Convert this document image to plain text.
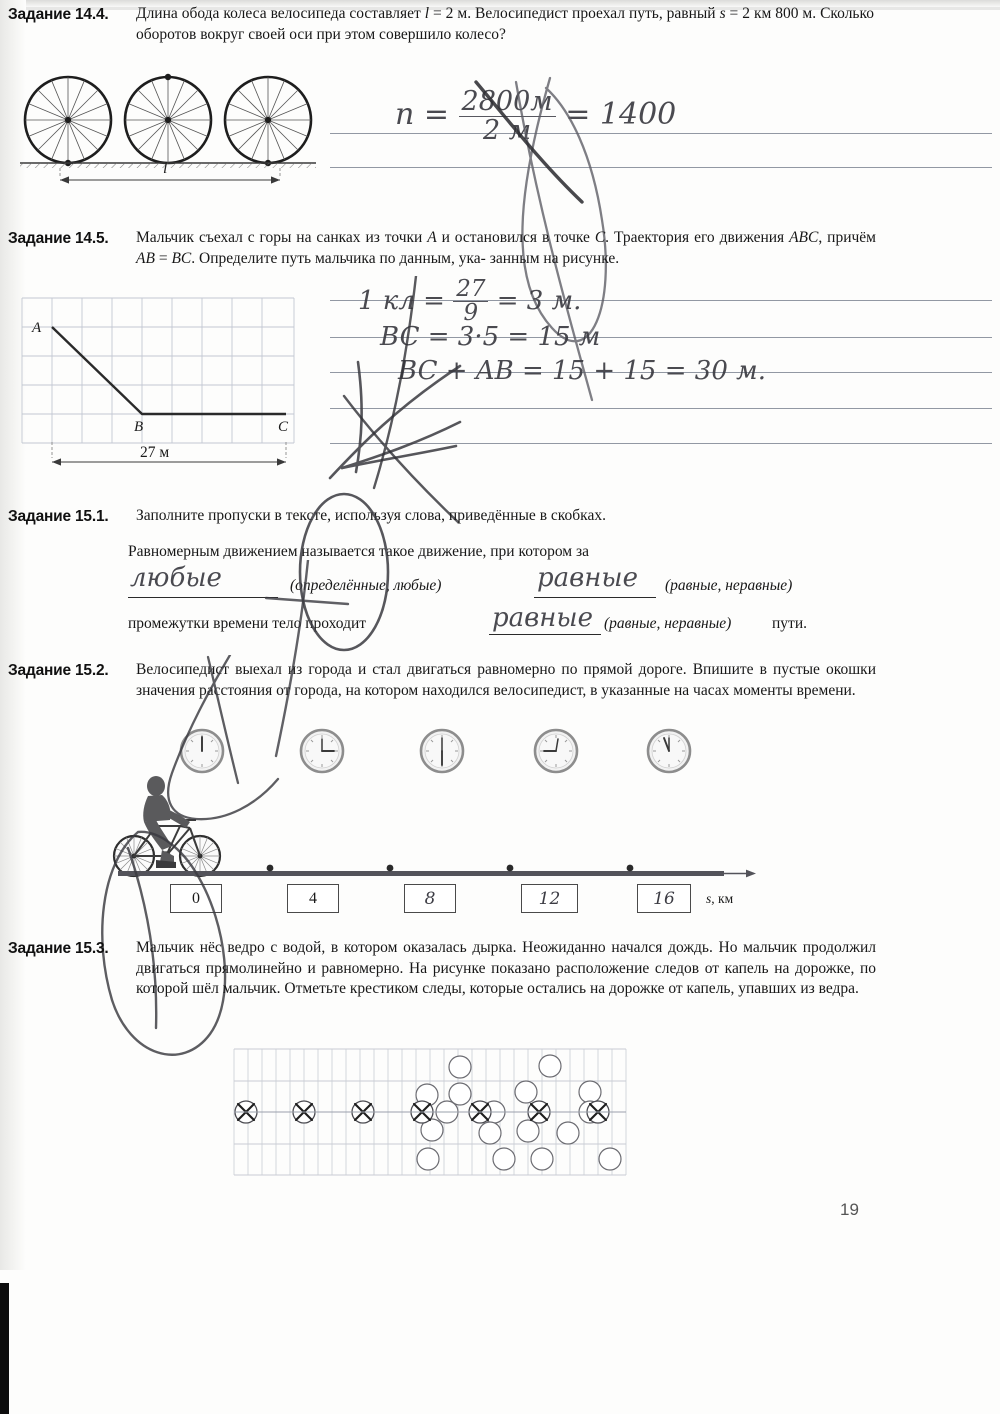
Задание 14.4. Длина обода колеса велосипеда составляет l = 2 м. Велосипедист проехал путь, равный s = 2 км 800 м. Сколько оборотов вокруг своей оси при этом совершило колесо?
l
$n = \frac{2800м}{2 м} = 1400$
Задание 14.5. Мальчик съехал с горы на санках из точки A и остановился в точке C. Траектория его движения ABC, причём AB = BC. Определите путь мальчика по данным, ука‑ занным на рисунке.
A
B	C
27 м
1 кл = $\frac{27}{9} = 3$ м.
BC = 3·5 = 15 м
BC + AB = 15 + 15 = 30 м.
Задание 15.1. Заполните пропуски в тексте, используя слова, приведённые в скобках.
Равномерным движением называется такое движение, при котором за
любые	(определённые, любые)	равные (равные, неравные)
промежутки времени тело проходит	равные (равные, неравные)	пути.
Задание 15.2. Велосипедист выехал из города и стал двигаться равномерно по прямой дороге. Впишите в пустые окошки значения расстояния от города, на котором находился велосипедист, в указанные на часах моменты времени.
0	4	8	12	16	s, км
Задание 15.3. Мальчик нёс ведро с водой, в котором оказалась дырка. Неожиданно начался дождь. Но мальчик продолжил двигаться прямолинейно и равномерно. На рисунке показано расположение следов от капель на дорожке, по которой шёл мальчик. Отметьте крестиком следы, которые остались на дорожке от капель, упавших из ведра.
19
